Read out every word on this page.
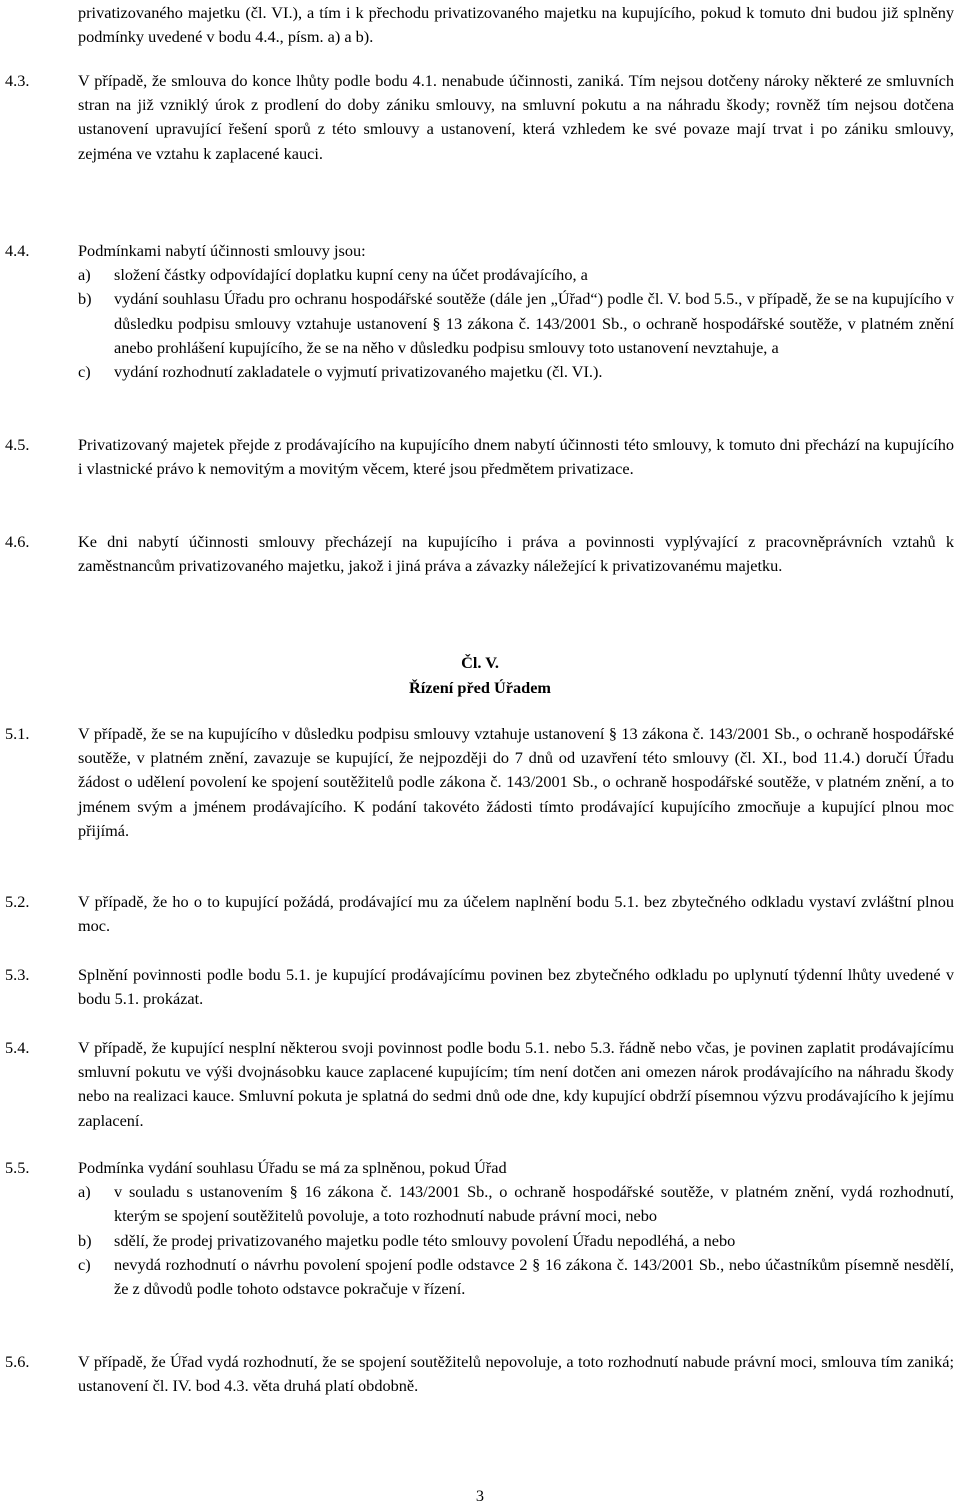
privatizovaného majetku (čl. VI.), a tím i k přechodu privatizovaného majetku na kupujícího, pokud k tomuto dni budou již splněny podmínky uvedené v bodu 4.4., písm. a) a b).
4.3.	V případě, že smlouva do konce lhůty podle bodu 4.1. nenabude účinnosti, zaniká. Tím nejsou dotčeny nároky některé ze smluvních stran na již vzniklý úrok z prodlení do doby zániku smlouvy, na smluvní pokutu a na náhradu škody; rovněž tím nejsou dotčena ustanovení upravující řešení sporů z této smlouvy a ustanovení, která vzhledem ke své povaze mají trvat i po zániku smlouvy, zejména ve vztahu k zaplacené kauci.
4.4.	Podmínkami nabytí účinnosti smlouvy jsou:
a) složení částky odpovídající doplatku kupní ceny na účet prodávajícího, a
b) vydání souhlasu Úřadu pro ochranu hospodářské soutěže (dále jen „Úřad“) podle čl. V. bod 5.5., v případě, že se na kupujícího v důsledku podpisu smlouvy vztahuje ustanovení § 13 zákona č. 143/2001 Sb., o ochraně hospodářské soutěže, v platném znění anebo prohlášení kupujícího, že se na něho v důsledku podpisu smlouvy toto ustanovení nevztahuje, a
c) vydání rozhodnutí zakladatele o vyjmutí privatizovaného majetku (čl. VI.).
4.5.	Privatizovaný majetek přejde z prodávajícího na kupujícího dnem nabytí účinnosti této smlouvy, k tomuto dni přechází na kupujícího i vlastnické právo k nemovitým a movitým věcem, které jsou předmětem privatizace.
4.6.	Ke dni nabytí účinnosti smlouvy přecházejí na kupujícího i práva a povinnosti vyplývající z pracovněprávních vztahů k zaměstnancům privatizovaného majetku, jakož i jiná práva a závazky náležející k privatizovanému majetku.
Čl. V.
Řízení před Úřadem
5.1.	V případě, že se na kupujícího v důsledku podpisu smlouvy vztahuje ustanovení § 13 zákona č. 143/2001 Sb., o ochraně hospodářské soutěže, v platném znění, zavazuje se kupující, že nejpozději do 7 dnů od uzavření této smlouvy (čl. XI., bod 11.4.) doručí Úřadu žádost o udělení povolení ke spojení soutěžitelů podle zákona č. 143/2001 Sb., o ochraně hospodářské soutěže, v platném znění, a to jménem svým a jménem prodávajícího. K podání takovéto žádosti tímto prodávající kupujícího zmocňuje a kupující plnou moc přijímá.
5.2.	V případě, že ho o to kupující požádá, prodávající mu za účelem naplnění bodu 5.1. bez zbytečného odkladu vystaví zvláštní plnou moc.
5.3.	Splnění povinnosti podle bodu 5.1. je kupující prodávajícímu povinen bez zbytečného odkladu po uplynutí týdenní lhůty uvedené v bodu 5.1. prokázat.
5.4.	V případě, že kupující nesplní některou svoji povinnost podle bodu 5.1. nebo 5.3. řádně nebo včas, je povinen zaplatit prodávajícímu smluvní pokutu ve výši dvojnásobku kauce zaplacené kupujícím; tím není dotčen ani omezen nárok prodávajícího na náhradu škody nebo na realizaci kauce. Smluvní pokuta je splatná do sedmi dnů ode dne, kdy kupující obdrží písemnou výzvu prodávajícího k jejímu zaplacení.
5.5.	Podmínka vydání souhlasu Úřadu se má za splněnou, pokud Úřad
a) v souladu s ustanovením § 16 zákona č. 143/2001 Sb., o ochraně hospodářské soutěže, v platném znění, vydá rozhodnutí, kterým se spojení soutěžitelů povoluje, a toto rozhodnutí nabude právní moci, nebo
b) sdělí, že prodej privatizovaného majetku podle této smlouvy povolení Úřadu nepodléhá, a nebo
c) nevydá rozhodnutí o návrhu povolení spojení podle odstavce 2 § 16 zákona č. 143/2001 Sb., nebo účastníkům písemně nesdělí, že z důvodů podle tohoto odstavce pokračuje v řízení.
5.6.	V případě, že Úřad vydá rozhodnutí, že se spojení soutěžitelů nepovoluje, a toto rozhodnutí nabude právní moci, smlouva tím zaniká; ustanovení čl. IV. bod 4.3. věta druhá platí obdobně.
3
